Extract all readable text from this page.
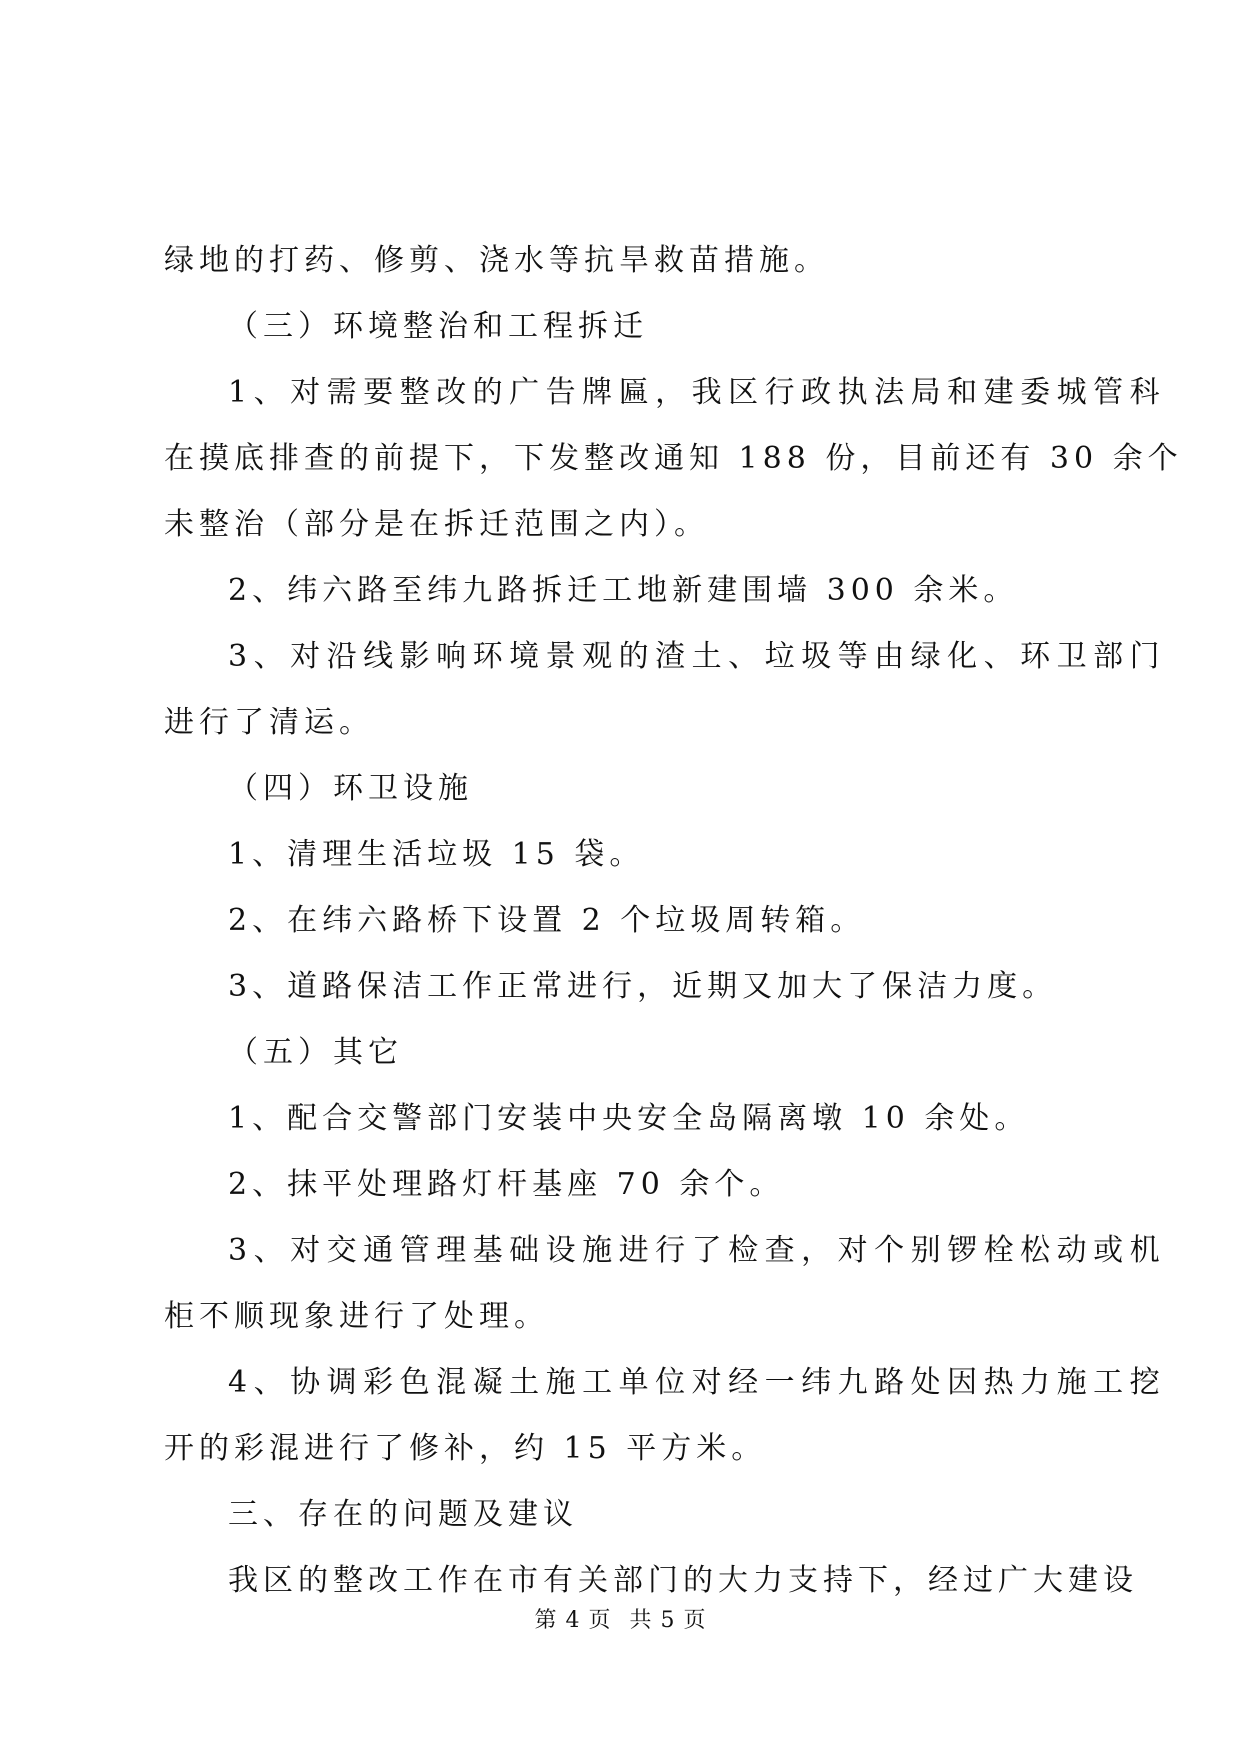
绿地的打药、修剪、浇水等抗旱救苗措施。
（三）环境整治和工程拆迁
1、对需要整改的广告牌匾，我区行政执法局和建委城管科
在摸底排查的前提下，下发整改通知 188 份，目前还有 30 余个
未整治（部分是在拆迁范围之内）。
2、纬六路至纬九路拆迁工地新建围墙 300 余米。
3、对沿线影响环境景观的渣土、垃圾等由绿化、环卫部门
进行了清运。
（四）环卫设施
1、清理生活垃圾 15 袋。
2、在纬六路桥下设置 2 个垃圾周转箱。
3、道路保洁工作正常进行，近期又加大了保洁力度。
（五）其它
1、配合交警部门安装中央安全岛隔离墩 10 余处。
2、抹平处理路灯杆基座 70 余个。
3、对交通管理基础设施进行了检查，对个别锣栓松动或机
柜不顺现象进行了处理。
4、协调彩色混凝土施工单位对经一纬九路处因热力施工挖
开的彩混进行了修补，约 15 平方米。
三、存在的问题及建议
我区的整改工作在市有关部门的大力支持下，经过广大建设
第 4 页 共 5 页
